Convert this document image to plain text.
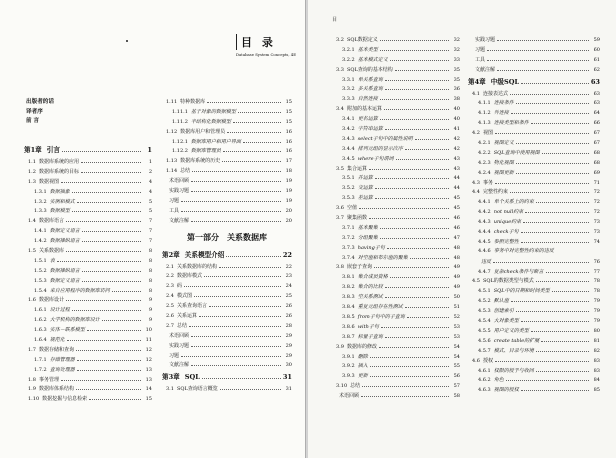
目 录
Database System Concepts, 4E
出版者的话
译者序
前 言
第1章 引言	1
1.1 数据库系统的应用	1
1.2 数据库系统的目标	2
1.3 数据视图	4
1.3.1 数据抽象	4
1.3.2 实例和模式	5
1.3.3 数据模型	5
1.4 数据库语言	7
1.4.1 数据定义语言	7
1.4.2 数据操纵语言	7
1.5 关系数据库	8
1.5.1 表	8
1.5.2 数据操纵语言	8
1.5.3 数据定义语言	8
1.5.4 来自应用程序的数据库访问	8
1.6 数据库设计	9
1.6.1 设计过程	9
1.6.2 大学机构的数据库设计	9
1.6.3 实体－联系模型	10
1.6.4 规范化	11
1.7 数据存储和查询	12
1.7.1 存储管理器	12
1.7.2 查询处理器	13
1.8 事务管理	13
1.9 数据库体系结构	14
1.10 数据挖掘与信息检索	15
1.11 特种数据库	15
1.11.1 基于对象的数据模型	15
1.11.2 半结构化数据模型	15
1.12 数据库用户和管理员	16
1.12.1 数据库用户和用户界面	16
1.12.2 数据库管理员	16
1.13 数据库系统的历史	17
1.14 总结	18
术语回顾	19
实践习题	19
习题	19
工具	20
文献注解	20
第一部分　关系数据库
第2章 关系模型介绍	22
2.1 关系数据库的结构	22
2.2 数据库模式	23
2.3 码	24
2.4 模式图	25
2.5 关系查询语言	26
2.6 关系运算	26
2.7 总结	28
术语回顾	29
实践习题	29
习题	29
文献注解	30
第3章 SQL	31
3.1 SQL查询语言概览	31
目
3.2 SQL数据定义	32
3.2.1 基本类型	32
3.2.2 基本模式定义	33
3.3 SQL查询的基本结构	35
3.3.1 单关系查询	35
3.3.2 多关系查询	36
3.3.3 自然连接	38
3.4 附加的基本运算	40
3.4.1 更名运算	40
3.4.2 字符串运算	41
3.4.3 select子句中的属性说明	42
3.4.4 排列元组的显示次序	42
3.4.5 where子句谓词	43
3.5 集合运算	43
3.5.1 并运算	44
3.5.2 交运算	44
3.5.3 差运算	45
3.6 空值	45
3.7 聚集函数	46
3.7.1 基本聚集	46
3.7.2 分组聚集	47
3.7.3 having子句	48
3.7.4 对空值和布尔值的聚集	48
3.8 嵌套子查询	49
3.8.1 集合成员资格	49
3.8.2 集合的比较	49
3.8.3 空关系测试	50
3.8.4 重复元组存在性测试	51
3.8.5 from子句中的子查询	52
3.8.6 with子句	53
3.8.7 标量子查询	53
3.9 数据库的修改	54
3.9.1 删除	54
3.9.2 插入	55
3.9.3 更新	56
3.10 总结	57
术语回顾	58
实践习题	59
习题	60
工具	61
文献注解	62
第4章 中级SQL	63
4.1 连接表达式	63
4.1.1 连接条件	63
4.1.2 外连接	64
4.1.3 连接类型和条件	66
4.2 视图	67
4.2.1 视图定义	67
4.2.2 SQL查询中使用视图	68
4.2.3 物化视图	68
4.2.4 视图更新	69
4.3 事务	71
4.4 完整性约束	72
4.4.1 单个关系上的约束	72
4.4.2 not null约束	72
4.4.3 unique约束	73
4.4.4 check子句	73
4.4.5 参照完整性	74
4.4.6 事务中对完整性约束的违反
违反	76
4.4.7 复杂check条件与断言	77
4.5 SQL的数据类型与模式	78
4.5.1 SQL中的日期和时间类型	78
4.5.2 默认值	79
4.5.3 创建索引	79
4.5.4 大对象类型	79
4.5.5 用户定义的类型	80
4.5.6 create table的扩展	81
4.5.7 模式、目录与环境	82
4.6 授权	83
4.6.1 权限的授予与收回	83
4.6.2 角色	84
4.6.3 视图的授权	85
